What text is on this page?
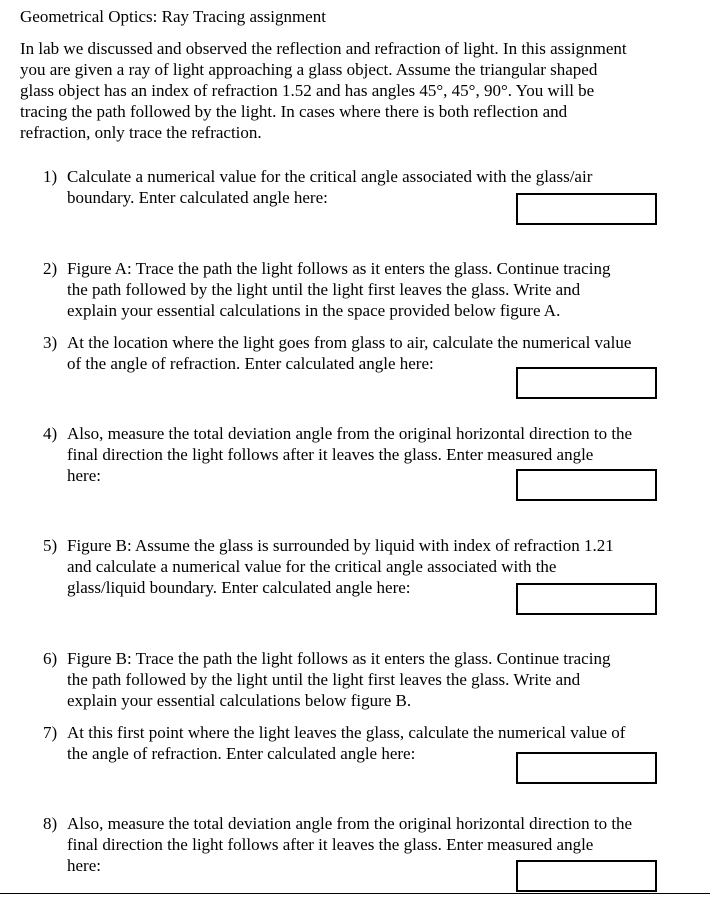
Geometrical Optics: Ray Tracing assignment
In lab we discussed and observed the reflection and refraction of light. In this assignment
you are given a ray of light approaching a glass object. Assume the triangular shaped
glass object has an index of refraction 1.52 and has angles 45°, 45°, 90°. You will be
tracing the path followed by the light. In cases where there is both reflection and
refraction, only trace the refraction.
1) Calculate a numerical value for the critical angle associated with the glass/air
boundary. Enter calculated angle here:
2) Figure A: Trace the path the light follows as it enters the glass. Continue tracing
the path followed by the light until the light first leaves the glass. Write and
explain your essential calculations in the space provided below figure A.
3) At the location where the light goes from glass to air, calculate the numerical value
of the angle of refraction. Enter calculated angle here:
4) Also, measure the total deviation angle from the original horizontal direction to the
final direction the light follows after it leaves the glass. Enter measured angle
here:
5) Figure B: Assume the glass is surrounded by liquid with index of refraction 1.21
and calculate a numerical value for the critical angle associated with the
glass/liquid boundary. Enter calculated angle here:
6) Figure B: Trace the path the light follows as it enters the glass. Continue tracing
the path followed by the light until the light first leaves the glass. Write and
explain your essential calculations below figure B.
7) At this first point where the light leaves the glass, calculate the numerical value of
the angle of refraction. Enter calculated angle here:
8) Also, measure the total deviation angle from the original horizontal direction to the
final direction the light follows after it leaves the glass. Enter measured angle
here:
